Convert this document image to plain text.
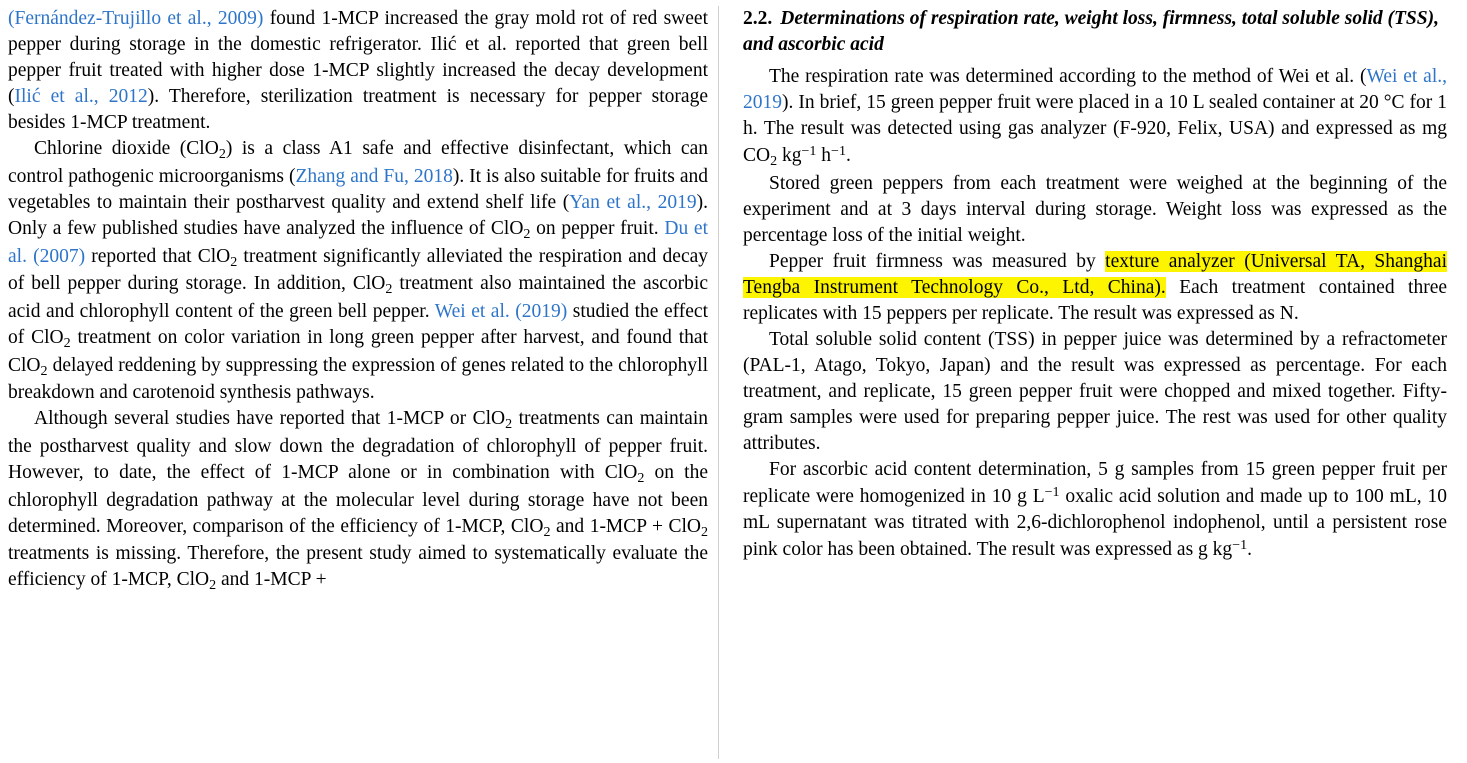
(Fernández-Trujillo et al., 2009) found 1-MCP increased the gray mold rot of red sweet pepper during storage in the domestic refrigerator. Ilić et al. reported that green bell pepper fruit treated with higher dose 1-MCP slightly increased the decay development (Ilić et al., 2012). Therefore, sterilization treatment is necessary for pepper storage besides 1-MCP treatment.

Chlorine dioxide (ClO$_2$) is a class A1 safe and effective disinfectant, which can control pathogenic microorganisms (Zhang and Fu, 2018). It is also suitable for fruits and vegetables to maintain their postharvest quality and extend shelf life (Yan et al., 2019). Only a few published studies have analyzed the influence of ClO$_2$ on pepper fruit. Du et al. (2007) reported that ClO$_2$ treatment significantly alleviated the respiration and decay of bell pepper during storage. In addition, ClO$_2$ treatment also maintained the ascorbic acid and chlorophyll content of the green bell pepper. Wei et al. (2019) studied the effect of ClO$_2$ treatment on color variation in long green pepper after harvest, and found that ClO$_2$ delayed reddening by suppressing the expression of genes related to the chlorophyll breakdown and carotenoid synthesis pathways.

Although several studies have reported that 1-MCP or ClO$_2$ treatments can maintain the postharvest quality and slow down the degradation of chlorophyll of pepper fruit. However, to date, the effect of 1-MCP alone or in combination with ClO$_2$ on the chlorophyll degradation pathway at the molecular level during storage have not been determined. Moreover, comparison of the efficiency of 1-MCP, ClO$_2$ and 1-MCP + ClO$_2$ treatments is missing. Therefore, the present study aimed to systematically evaluate the efficiency of 1-MCP, ClO$_2$ and 1-MCP +

2.2. Determinations of respiration rate, weight loss, firmness, total soluble solid (TSS), and ascorbic acid

The respiration rate was determined according to the method of Wei et al. (Wei et al., 2019). In brief, 15 green pepper fruit were placed in a 10 L sealed container at 20 °C for 1 h. The result was detected using gas analyzer (F-920, Felix, USA) and expressed as mg $CO_2$ $kg^{-1}$ $h^{-1}$.

Stored green peppers from each treatment were weighed at the beginning of the experiment and at 3 days interval during storage. Weight loss was expressed as the percentage loss of the initial weight.

Pepper fruit firmness was measured by texture analyzer (Universal TA, Shanghai Tengba Instrument Technology Co., Ltd, China). Each treatment contained three replicates with 15 peppers per replicate. The result was expressed as N.

Total soluble solid content (TSS) in pepper juice was determined by a refractometer (PAL-1, Atago, Tokyo, Japan) and the result was expressed as percentage. For each treatment, and replicate, 15 green pepper fruit were chopped and mixed together. Fifty-gram samples were used for preparing pepper juice. The rest was used for other quality attributes.

For ascorbic acid content determination, 5 g samples from 15 green pepper fruit per replicate were homogenized in 10 g $L^{-1}$ oxalic acid solution and made up to 100 mL, 10 mL supernatant was titrated with 2,6-dichlorophenol indophenol, until a persistent rose pink color has been obtained. The result was expressed as g $kg^{-1}$.
